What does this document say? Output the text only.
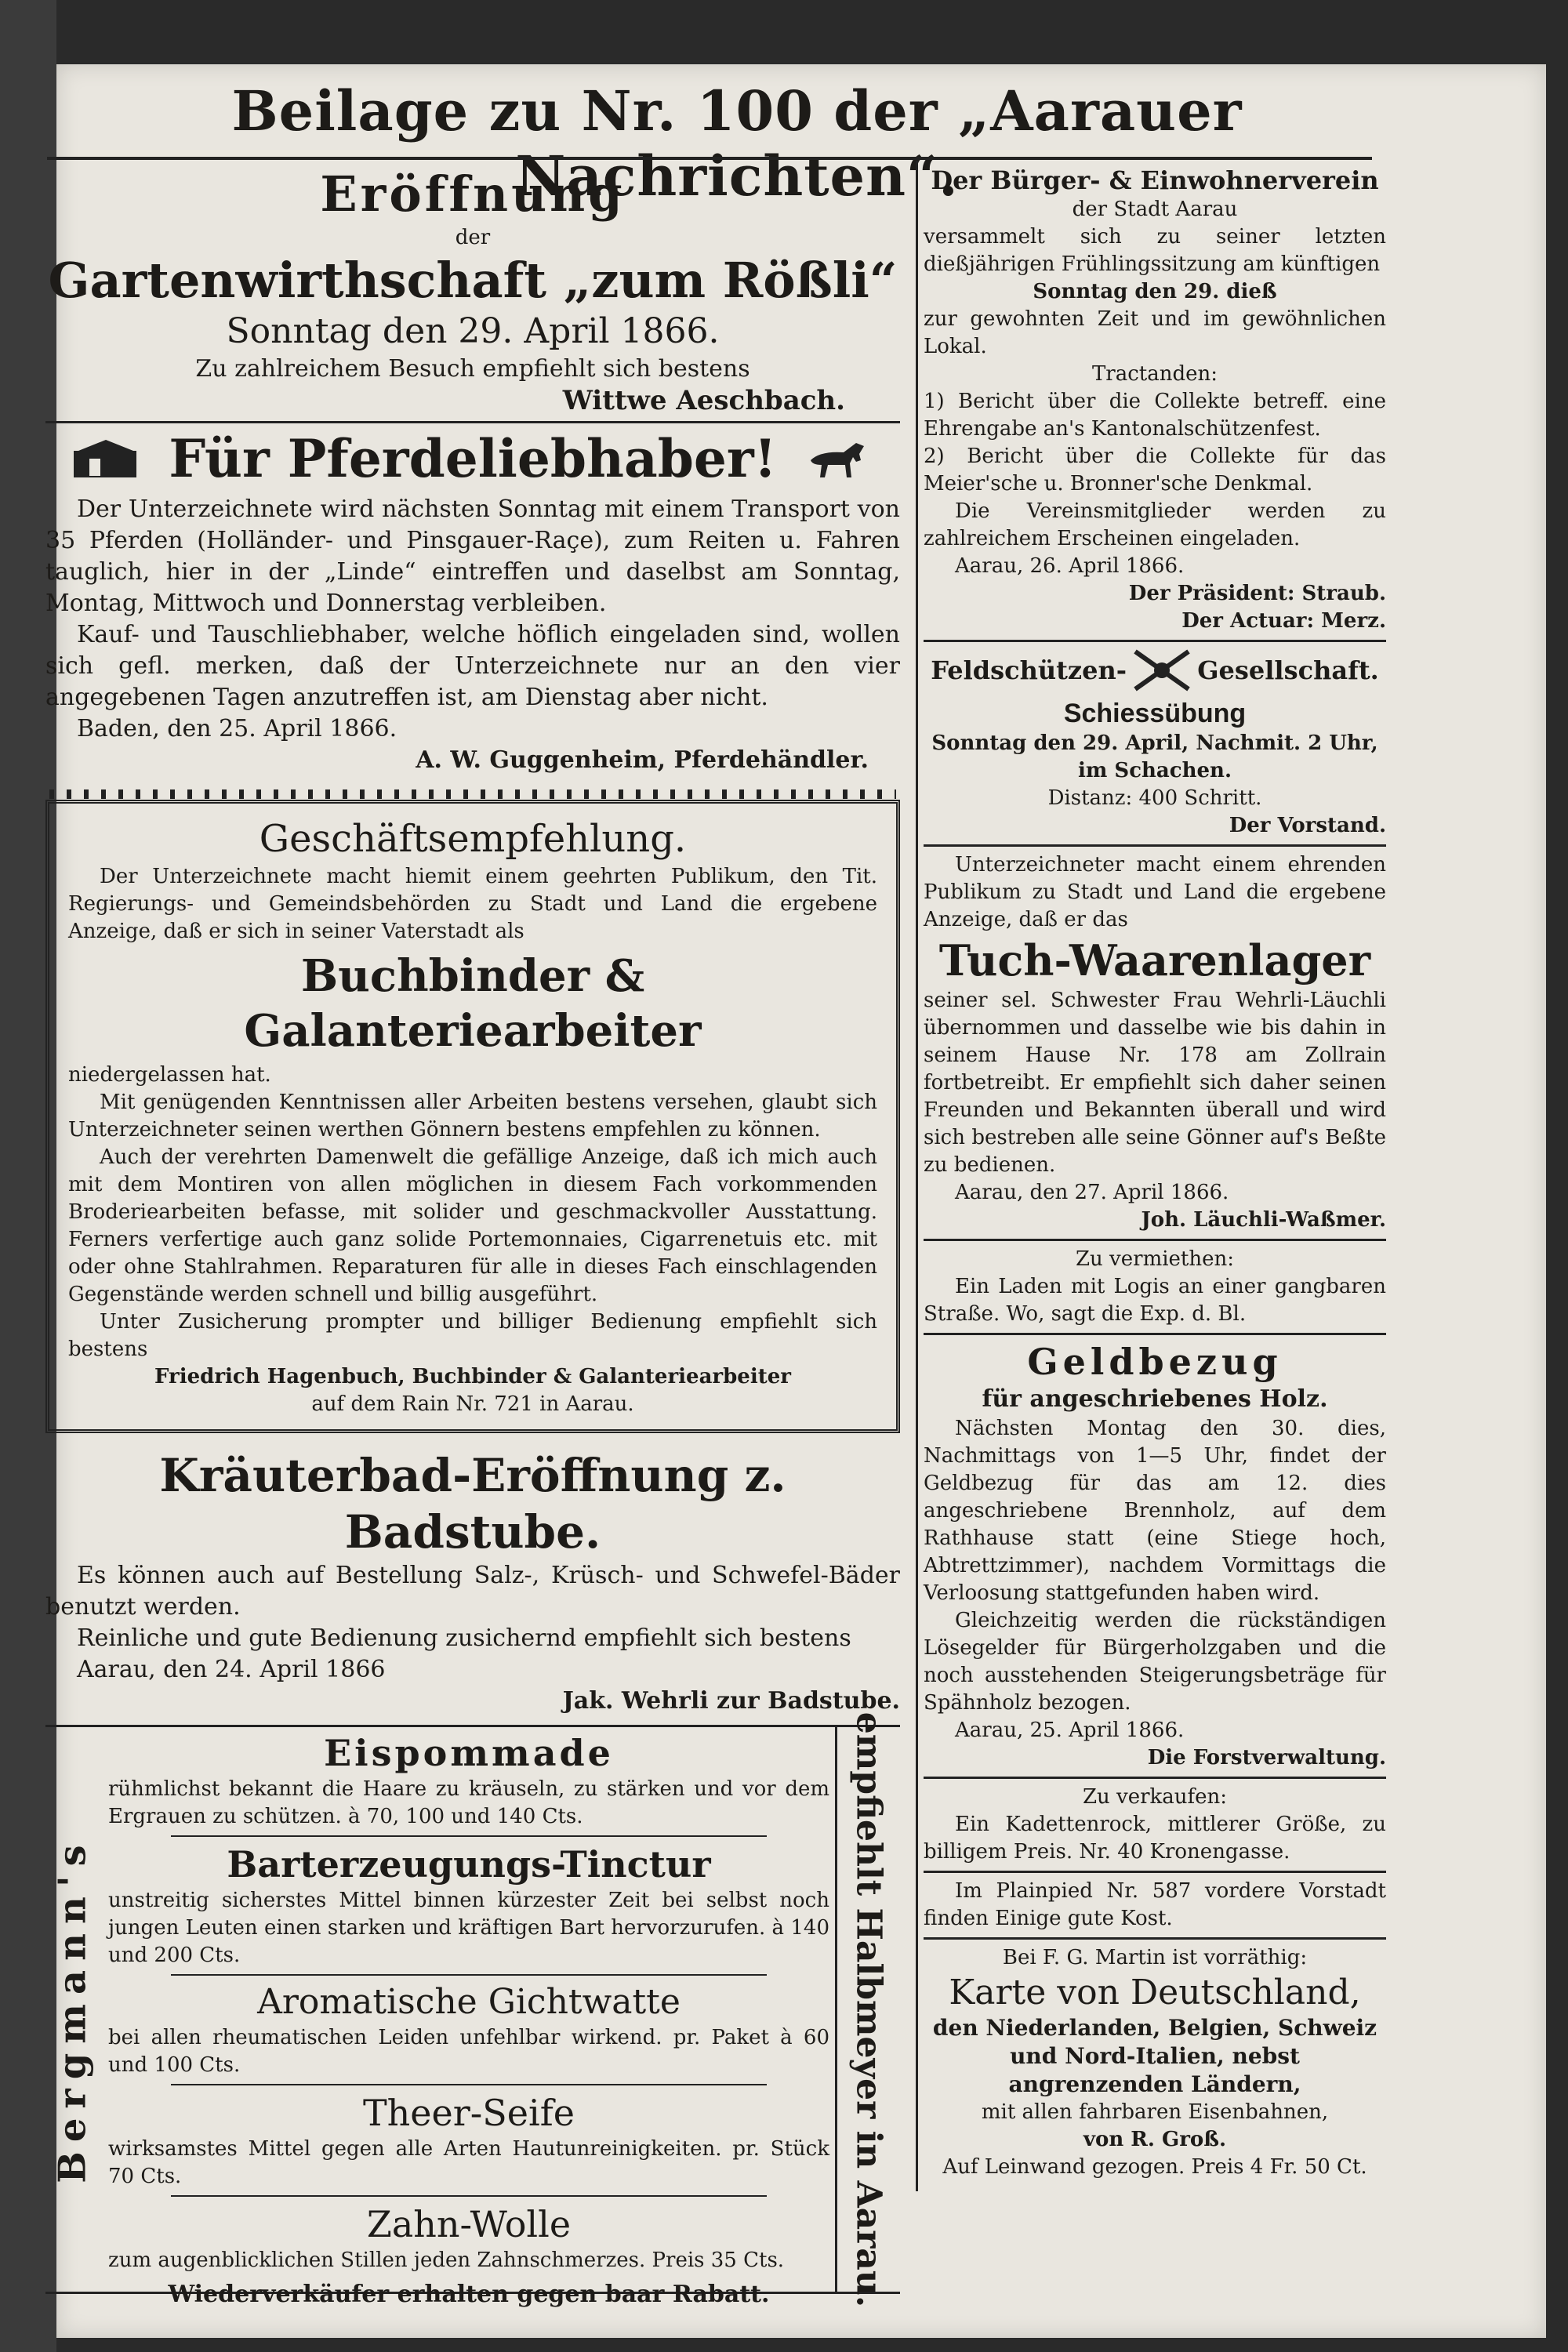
Beilage zu Nr. 100 der „Aarauer Nachrichten“.

Eröffnung

der

Gartenwirthschaft „zum Rößli“

Sonntag den 29. April 1866.

Zu zahlreichem Besuch empfiehlt sich bestens

Wittwe Aeschbach.

Für Pferdeliebhaber!

Der Unterzeichnete wird nächsten Sonntag mit einem Transport von 35 Pferden (Holländer- und Pinsgauer-Raçe), zum Reiten u. Fahren tauglich, hier in der „Linde“ eintreffen und daselbst am Sonntag, Montag, Mittwoch und Donnerstag verbleiben.

Kauf- und Tauschliebhaber, welche höflich eingeladen sind, wollen sich gefl. merken, daß der Unterzeichnete nur an den vier angegebenen Tagen anzutreffen ist, am Dienstag aber nicht.

Baden, den 25. April 1866.

A. W. Guggenheim, Pferdehändler.

Geschäftsempfehlung.

Der Unterzeichnete macht hiemit einem geehrten Publikum, den Tit. Regierungs- und Gemeindsbehörden zu Stadt und Land die ergebene Anzeige, daß er sich in seiner Vaterstadt als

Buchbinder & Galanteriearbeiter

niedergelassen hat.

Mit genügenden Kenntnissen aller Arbeiten bestens versehen, glaubt sich Unterzeichneter seinen werthen Gönnern bestens empfehlen zu können.

Auch der verehrten Damenwelt die gefällige Anzeige, daß ich mich auch mit dem Montiren von allen möglichen in diesem Fach vorkommenden Broderiearbeiten befasse, mit solider und geschmackvoller Ausstattung. Ferners verfertige auch ganz solide Portemonnaies, Cigarrenetuis etc. mit oder ohne Stahlrahmen. Reparaturen für alle in dieses Fach einschlagenden Gegenstände werden schnell und billig ausgeführt.

Unter Zusicherung prompter und billiger Bedienung empfiehlt sich bestens

Friedrich Hagenbuch, Buchbinder & Galanteriearbeiter

auf dem Rain Nr. 721 in Aarau.

Kräuterbad-Eröffnung z. Badstube.

Es können auch auf Bestellung Salz-, Krüsch- und Schwefel-Bäder benutzt werden.

Reinliche und gute Bedienung zusichernd empfiehlt sich bestens

Aarau, den 24. April 1866

Jak. Wehrli zur Badstube.

Bergmann's

Eispommade

rühmlichst bekannt die Haare zu kräuseln, zu stärken und vor dem Ergrauen zu schützen. à 70, 100 und 140 Cts.

Barterzeugungs-Tinctur

unstreitig sicherstes Mittel binnen kürzester Zeit bei selbst noch jungen Leuten einen starken und kräftigen Bart hervorzurufen. à 140 und 200 Cts.

Aromatische Gichtwatte

bei allen rheumatischen Leiden unfehlbar wirkend. pr. Paket à 60 und 100 Cts.

Theer-Seife

wirksamstes Mittel gegen alle Arten Hautunreinigkeiten. pr. Stück 70 Cts.

Zahn-Wolle

zum augenblicklichen Stillen jeden Zahnschmerzes. Preis 35 Cts.

Wiederverkäufer erhalten gegen baar Rabatt.	empfiehlt Halbmeyer in Aarau.

Der Bürger- & Einwohnerverein

der Stadt Aarau

versammelt sich zu seiner letzten dießjährigen Frühlingssitzung am künftigen

Sonntag den 29. dieß

zur gewohnten Zeit und im gewöhnlichen Lokal.

Tractanden:

1) Bericht über die Collekte betreff. eine Ehrengabe an's Kantonalschützenfest.

2) Bericht über die Collekte für das Meier'sche u. Bronner'sche Denkmal.

Die Vereinsmitglieder werden zu zahlreichem Erscheinen eingeladen.

Aarau, 26. April 1866.

Der Präsident: Straub.

Der Actuar: Merz.

Feldschützen-	Gesellschaft.

Schiessübung

Sonntag den 29. April, Nachmit. 2 Uhr,

im Schachen.

Distanz: 400 Schritt.

Der Vorstand.

Unterzeichneter macht einem ehrenden Publikum zu Stadt und Land die ergebene Anzeige, daß er das

Tuch-Waarenlager

seiner sel. Schwester Frau Wehrli-Läuchli übernommen und dasselbe wie bis dahin in seinem Hause Nr. 178 am Zollrain fortbetreibt. Er empfiehlt sich daher seinen Freunden und Bekannten überall und wird sich bestreben alle seine Gönner auf's Beßte zu bedienen.

Aarau, den 27. April 1866.

Joh. Läuchli-Waßmer.

Zu vermiethen:

Ein Laden mit Logis an einer gangbaren Straße. Wo, sagt die Exp. d. Bl.

Geldbezug

für angeschriebenes Holz.

Nächsten Montag den 30. dies, Nachmittags von 1—5 Uhr, findet der Geldbezug für das am 12. dies angeschriebene Brennholz, auf dem Rathhause statt (eine Stiege hoch, Abtrettzimmer), nachdem Vormittags die Verloosung stattgefunden haben wird.

Gleichzeitig werden die rückständigen Lösegelder für Bürgerholzgaben und die noch ausstehenden Steigerungsbeträge für Spähnholz bezogen.

Aarau, 25. April 1866.

Die Forstverwaltung.

Zu verkaufen:

Ein Kadettenrock, mittlerer Größe, zu billigem Preis. Nr. 40 Kronengasse.

Im Plainpied Nr. 587 vordere Vorstadt finden Einige gute Kost.

Bei F. G. Martin ist vorräthig:

Karte von Deutschland,

den Niederlanden, Belgien, Schweiz und Nord-Italien, nebst angrenzenden Ländern,

mit allen fahrbaren Eisenbahnen,

von R. Groß.

Auf Leinwand gezogen. Preis 4 Fr. 50 Ct.
